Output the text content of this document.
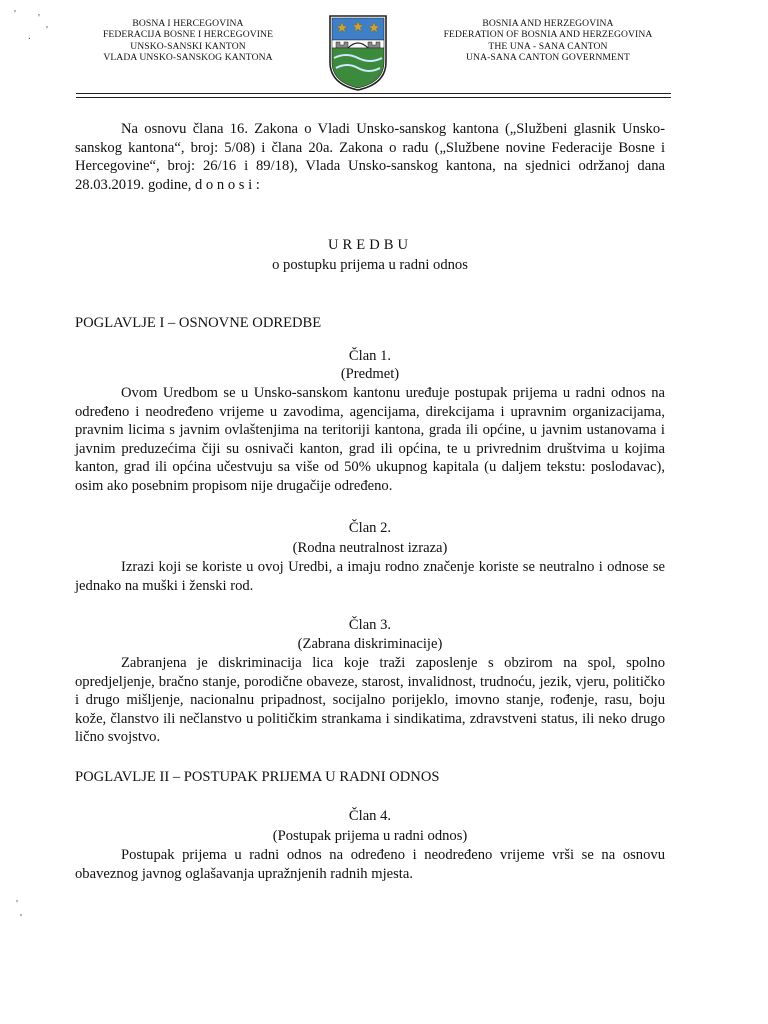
' '
'
.
'
'
BOSNA I HERCEGOVINA
FEDERACIJA BOSNE I HERCEGOVINE
UNSKO-SANSKI KANTON
VLADA UNSKO-SANSKOG KANTONA
BOSNIA AND HERZEGOVINA
FEDERATION OF BOSNIA AND HERZEGOVINA
THE UNA - SANA CANTON
UNA-SANA CANTON GOVERNMENT
Na osnovu člana 16. Zakona o Vladi Unsko-sanskog kantona („Službeni glasnik Unsko-sanskog kantona“, broj: 5/08) i člana 20a. Zakona o radu („Službene novine Federacije Bosne i Hercegovine“, broj: 26/16 i 89/18), Vlada Unsko-sanskog kantona, na sjednici održanoj dana 28.03.2019. godine, d o n o s i :
UREDBU
o postupku prijema u radni odnos
POGLAVLJE I – OSNOVNE ODREDBE
Član 1.
(Predmet)
Ovom Uredbom se u Unsko-sanskom kantonu uređuje postupak prijema u radni odnos na određeno i neodređeno vrijeme u zavodima, agencijama, direkcijama i upravnim organizacijama, pravnim licima s javnim ovlaštenjima na teritoriji kantona, grada ili općine, u javnim ustanovama i javnim preduzećima čiji su osnivači kanton, grad ili općina, te u privrednim društvima u kojima kanton, grad ili općina učestvuju sa više od 50% ukupnog kapitala (u daljem tekstu: poslodavac), osim ako posebnim propisom nije drugačije određeno.
Član 2.
(Rodna neutralnost izraza)
Izrazi koji se koriste u ovoj Uredbi, a imaju rodno značenje koriste se neutralno i odnose se jednako na muški i ženski rod.
Član 3.
(Zabrana diskriminacije)
Zabranjena je diskriminacija lica koje traži zaposlenje s obzirom na spol, spolno opredjeljenje, bračno stanje, porodične obaveze, starost, invalidnost, trudnoću, jezik, vjeru, političko i drugo mišljenje, nacionalnu pripadnost, socijalno porijeklo, imovno stanje, rođenje, rasu, boju kože, članstvo ili nečlanstvo u političkim strankama i sindikatima, zdravstveni status, ili neko drugo lično svojstvo.
POGLAVLJE II – POSTUPAK PRIJEMA U RADNI ODNOS
Član 4.
(Postupak prijema u radni odnos)
Postupak prijema u radni odnos na određeno i neodređeno vrijeme vrši se na osnovu obaveznog javnog oglašavanja upražnjenih radnih mjesta.
